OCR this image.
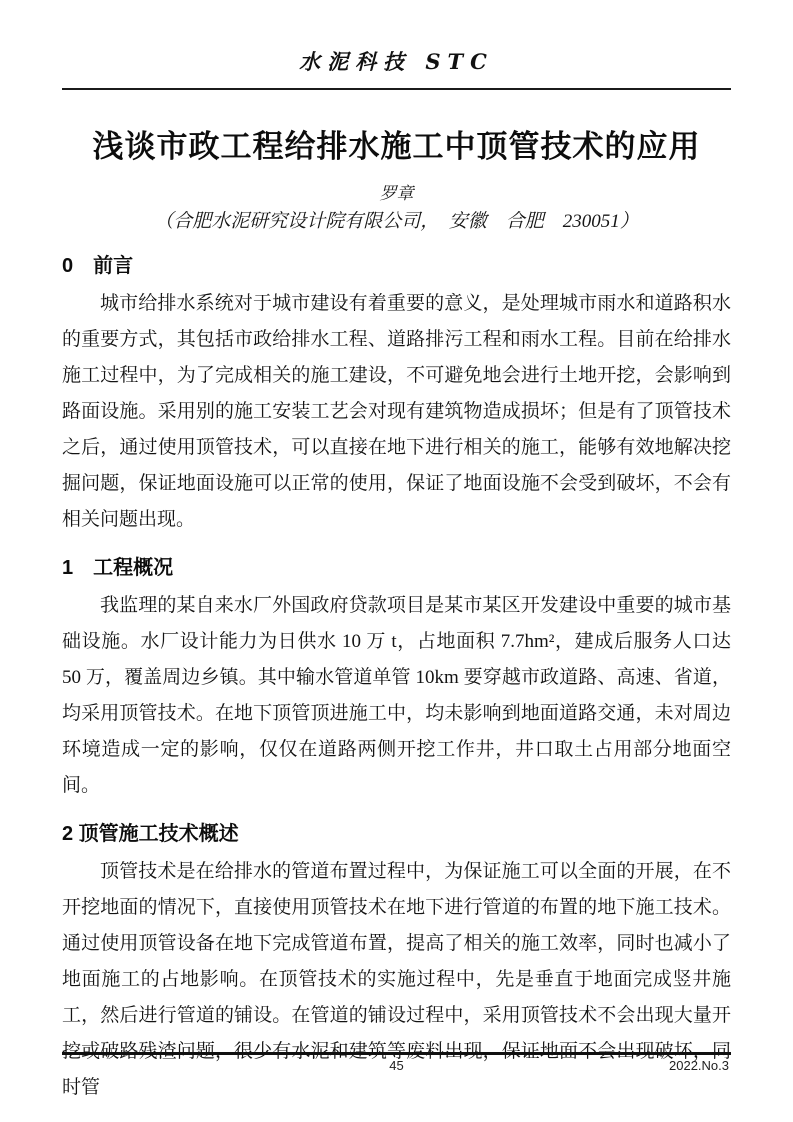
水泥科技 STC
浅谈市政工程给排水施工中顶管技术的应用
罗章
（合肥水泥研究设计院有限公司，　安徽　合肥　230051）
0　前言

城市给排水系统对于城市建设有着重要的意义，是处理城市雨水和道路积水的重要方式，其包括市政给排水工程、道路排污工程和雨水工程。目前在给排水施工过程中，为了完成相关的施工建设，不可避免地会进行土地开挖，会影响到路面设施。采用别的施工安装工艺会对现有建筑物造成损坏；但是有了顶管技术之后，通过使用顶管技术，可以直接在地下进行相关的施工，能够有效地解决挖掘问题，保证地面设施可以正常的使用，保证了地面设施不会受到破坏，不会有相关问题出现。

1　工程概况

我监理的某自来水厂外国政府贷款项目是某市某区开发建设中重要的城市基础设施。水厂设计能力为日供水 10 万 t，占地面积 7.7hm²，建成后服务人口达 50 万，覆盖周边乡镇。其中输水管道单管 10km 要穿越市政道路、高速、省道，均采用顶管技术。在地下顶管顶进施工中，均未影响到地面道路交通，未对周边环境造成一定的影响，仅仅在道路两侧开挖工作井，井口取土占用部分地面空间。

2 顶管施工技术概述

顶管技术是在给排水的管道布置过程中，为保证施工可以全面的开展，在不开挖地面的情况下，直接使用顶管技术在地下进行管道的布置的地下施工技术。通过使用顶管设备在地下完成管道布置，提高了相关的施工效率，同时也减小了地面施工的占地影响。在顶管技术的实施过程中，先是垂直于地面完成竖井施工，然后进行管道的铺设。在管道的铺设过程中，采用顶管技术不会出现大量开挖或破路残渣问题，很少有水泥和建筑等废料出现，保证地面不会出现破坏，同时管

45	2022.No.3
